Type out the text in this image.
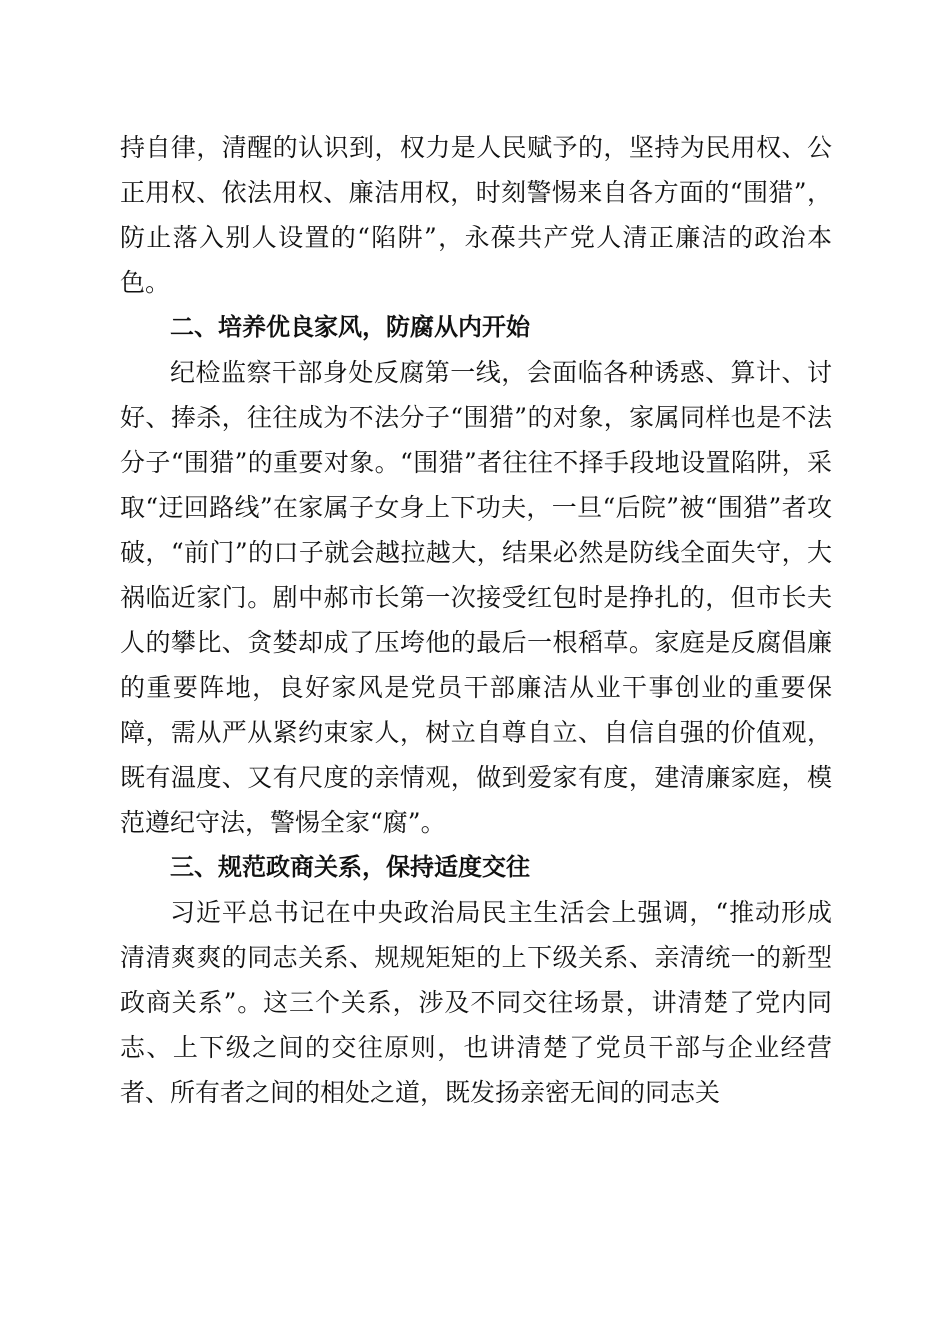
持自律，清醒的认识到，权力是人民赋予的，坚持为民用权、公正用权、依法用权、廉洁用权，时刻警惕来自各方面的“围猎”，防止落入别人设置的“陷阱”，永葆共产党人清正廉洁的政治本色。

二、培养优良家风，防腐从内开始

纪检监察干部身处反腐第一线，会面临各种诱惑、算计、讨好、捧杀，往往成为不法分子“围猎”的对象，家属同样也是不法分子“围猎”的重要对象。“围猎”者往往不择手段地设置陷阱，采取“迂回路线”在家属子女身上下功夫，一旦“后院”被“围猎”者攻破，“前门”的口子就会越拉越大，结果必然是防线全面失守，大祸临近家门。剧中郝市长第一次接受红包时是挣扎的，但市长夫人的攀比、贪婪却成了压垮他的最后一根稻草。家庭是反腐倡廉的重要阵地，良好家风是党员干部廉洁从业干事创业的重要保障，需从严从紧约束家人，树立自尊自立、自信自强的价值观，既有温度、又有尺度的亲情观，做到爱家有度，建清廉家庭，模范遵纪守法，警惕全家“腐”。

三、规范政商关系，保持适度交往

习近平总书记在中央政治局民主生活会上强调，“推动形成清清爽爽的同志关系、规规矩矩的上下级关系、亲清统一的新型政商关系”。这三个关系，涉及不同交往场景，讲清楚了党内同志、上下级之间的交往原则，也讲清楚了党员干部与企业经营者、所有者之间的相处之道，既发扬亲密无间的同志关
